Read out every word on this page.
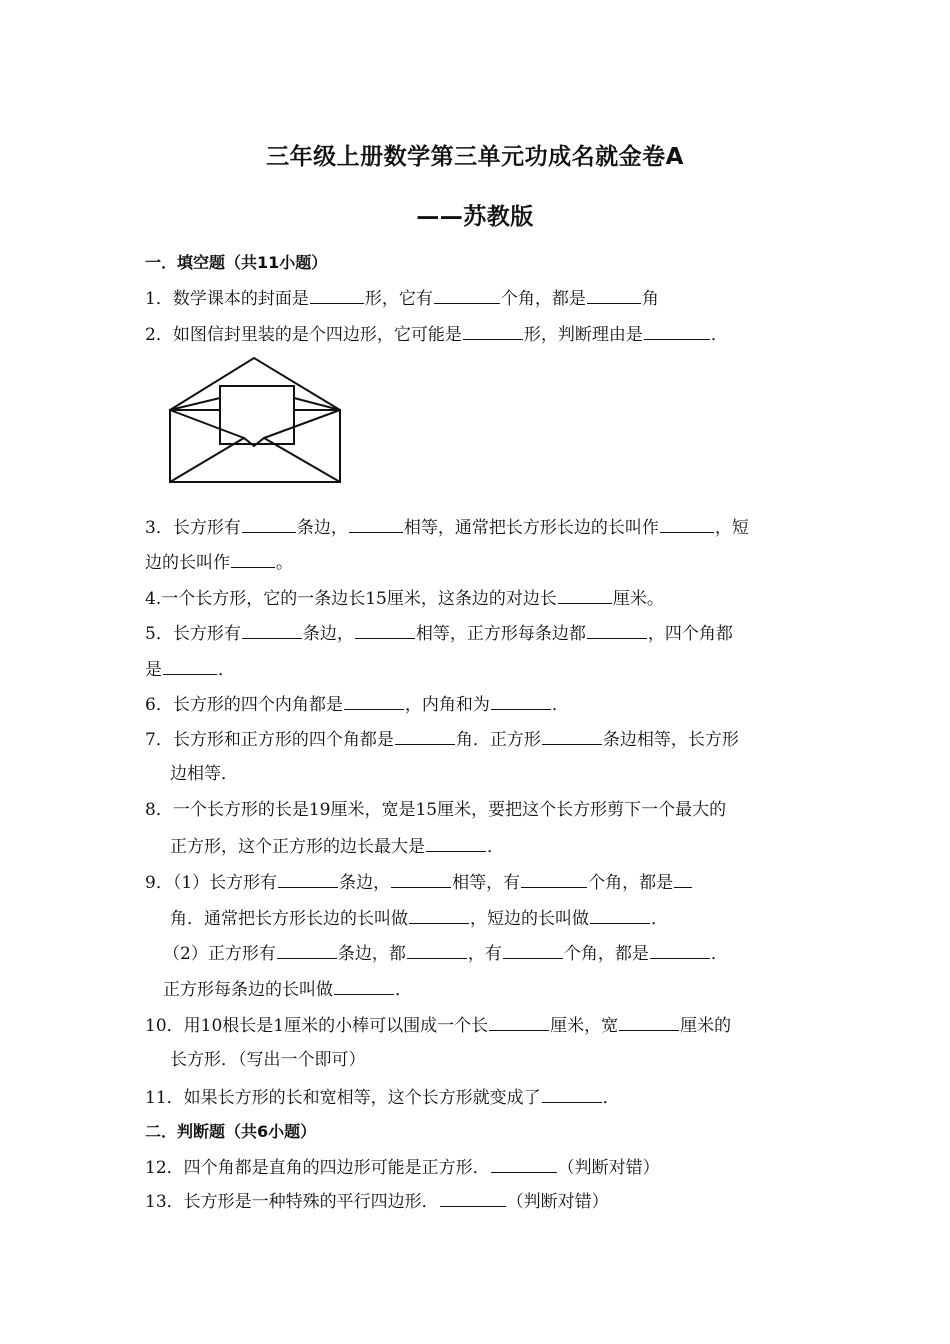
三年级上册数学第三单元功成名就金卷A
——苏教版
一．填空题（共11小题）
1．数学课本的封面是	形，它有	个角，都是	角
2．如图信封里装的是个四边形，它可能是	形，判断理由是	．
3．长方形有	条边，	相等，通常把长方形长边的长叫作	，短
边的长叫作	。
4.一个长方形，它的一条边长15厘米，这条边的对边长	厘米。
5．长方形有	条边，	相等，正方形每条边都	，四个角都
是	．
6．长方形的四个内角都是	，内角和为	．
7．长方形和正方形的四个角都是	角．正方形	条边相等，长方形
边相等．
8．一个长方形的长是19厘米，宽是15厘米，要把这个长方形剪下一个最大的
正方形，这个正方形的边长最大是	．
9．（1）长方形有	条边，	相等，有	个角，都是
角．通常把长方形长边的长叫做	，短边的长叫做	．
（2）正方形有	条边，都	，有	个角，都是	．
正方形每条边的长叫做	．
10．用10根长是1厘米的小棒可以围成一个长	厘米，宽	厘米的
长方形．（写出一个即可）
11．如果长方形的长和宽相等，这个长方形就变成了	．
二．判断题（共6小题）
12．四个角都是直角的四边形可能是正方形．	（判断对错）
13．长方形是一种特殊的平行四边形．	（判断对错）
